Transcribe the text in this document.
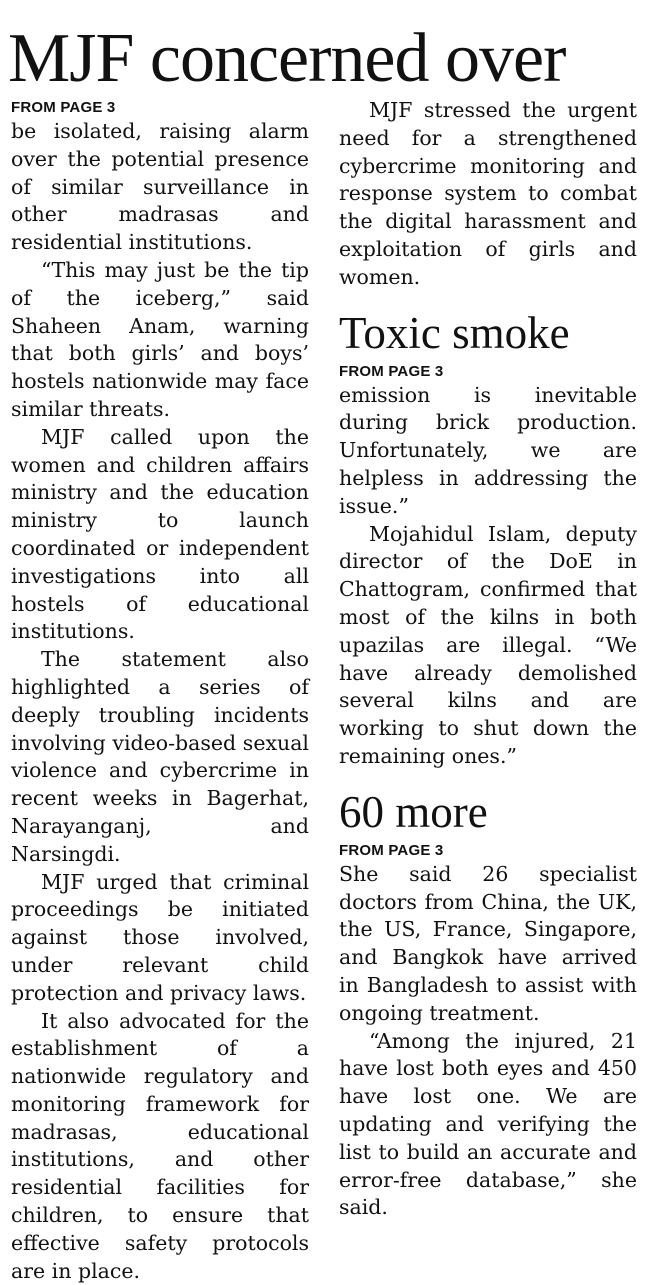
MJF concerned over

FROM PAGE 3

be isolated, raising alarm over the potential presence of similar surveillance in other madrasas and residential institutions.

“This may just be the tip of the iceberg,” said Shaheen Anam, warning that both girls’ and boys’ hostels nationwide may face similar threats.

MJF called upon the women and children affairs ministry and the education ministry to launch coordinated or independent investigations into all hostels of educational institutions.

The statement also highlighted a series of deeply troubling incidents involving video-based sexual violence and cybercrime in recent weeks in Bagerhat, Narayanganj, and Narsingdi.

MJF urged that criminal proceedings be initiated against those involved, under relevant child protection and privacy laws.

It also advocated for the establishment of a nationwide regulatory and monitoring framework for madrasas, educational institutions, and other residential facilities for children, to ensure that effective safety protocols are in place.

MJF stressed the urgent need for a strengthened cybercrime monitoring and response system to combat the digital harassment and exploitation of girls and women.

Toxic smoke

FROM PAGE 3

emission is inevitable during brick production. Unfortunately, we are helpless in addressing the issue.”

Mojahidul Islam, deputy director of the DoE in Chattogram, confirmed that most of the kilns in both upazilas are illegal. “We have already demolished several kilns and are working to shut down the remaining ones.”

60 more

FROM PAGE 3

She said 26 specialist doctors from China, the UK, the US, France, Singapore, and Bangkok have arrived in Bangladesh to assist with ongoing treatment.

“Among the injured, 21 have lost both eyes and 450 have lost one. We are updating and verifying the list to build an accurate and error-free database,” she said.
